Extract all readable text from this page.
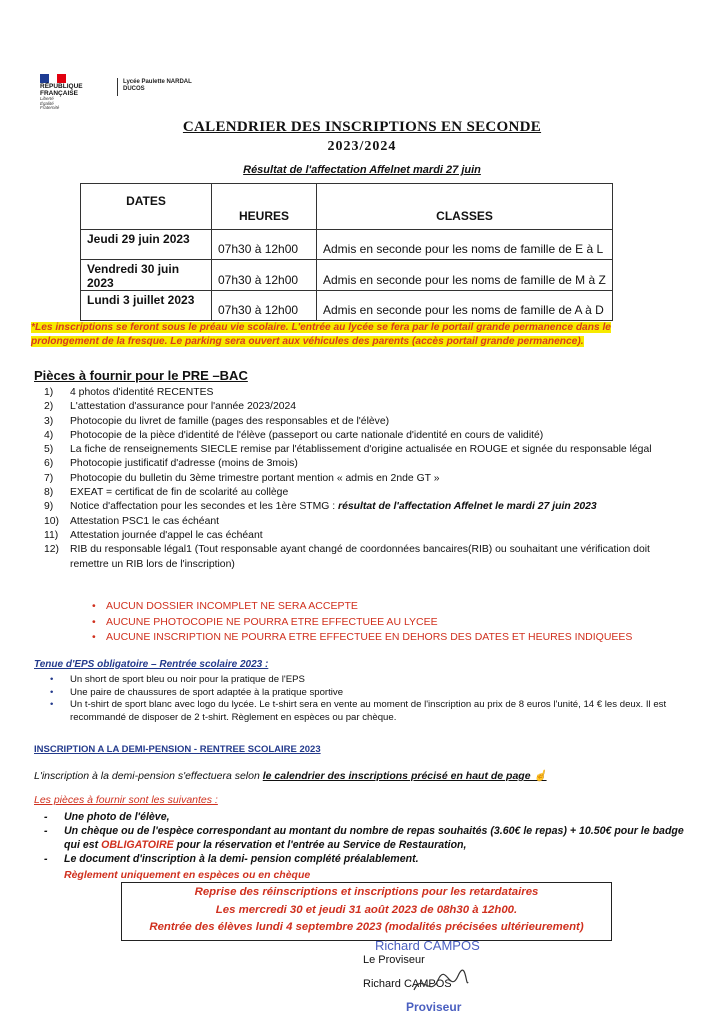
RÉPUBLIQUE
FRANÇAISE
Liberté
Égalité
Fraternité
Lycée Paulette NARDAL
DUCOS
CALENDRIER DES INSCRIPTIONS EN SECONDE
2023/2024
Résultat de l'affectation Affelnet mardi 27 juin
DATES	HEURES	CLASSES
Jeudi 29 juin 2023	07h30 à 12h00	Admis en seconde pour les noms de famille de E à L
Vendredi 30 juin 2023	07h30 à 12h00	Admis en seconde pour les noms de famille de M à Z
Lundi 3 juillet 2023	07h30 à 12h00	Admis en seconde pour les noms de famille de A à D
*Les inscriptions se feront sous le préau vie scolaire. L'entrée au lycée se fera par le portail grande permanence dans le
prolongement de la fresque. Le parking sera ouvert aux véhicules des parents (accès portail grande permanence).
Pièces à fournir pour le PRE –BAC
1)	4 photos d'identité RECENTES
2)	L'attestation d'assurance pour l'année 2023/2024
3)	Photocopie du livret de famille (pages des responsables et de l'élève)
4)	Photocopie de la pièce d'identité de l'élève (passeport ou carte nationale d'identité en cours de validité)
5)	La fiche de renseignements SIECLE remise par l'établissement d'origine actualisée en ROUGE et signée du responsable légal
6)	Photocopie justificatif d'adresse (moins de 3mois)
7)	Photocopie du bulletin du 3ème trimestre portant mention « admis en 2nde GT »
8)	EXEAT = certificat de fin de scolarité au collège
9)	Notice d'affectation pour les secondes et les 1ère STMG : résultat de l'affectation Affelnet le mardi 27 juin 2023
10)	Attestation PSC1 le cas échéant
11)	Attestation journée d'appel le cas échéant
12)	RIB du responsable légal1 (Tout responsable ayant changé de coordonnées bancaires(RIB) ou souhaitant une vérification doit remettre un RIB lors de l'inscription)
• AUCUN DOSSIER INCOMPLET NE SERA ACCEPTE
• AUCUNE PHOTOCOPIE NE POURRA ETRE EFFECTUEE AU LYCEE
• AUCUNE INSCRIPTION NE POURRA ETRE EFFECTUEE EN DEHORS DES DATES ET HEURES INDIQUEES
Tenue d'EPS obligatoire – Rentrée scolaire 2023 :
•	Un short de sport bleu ou noir pour la pratique de l'EPS
•	Une paire de chaussures de sport adaptée à la pratique sportive
•	Un t-shirt de sport blanc avec logo du lycée. Le t-shirt sera en vente au moment de l'inscription au prix de 8 euros l'unité, 14 € les deux. Il est recommandé de disposer de 2 t-shirt. Règlement en espèces ou par chèque.
INSCRIPTION A LA DEMI-PENSION - RENTREE SCOLAIRE 2023
L'inscription à la demi-pension s'effectuera selon le calendrier des inscriptions précisé en haut de page ☝
Les pièces à fournir sont les suivantes :
-	Une photo de l'élève,
-	Un chèque ou de l'espèce correspondant au montant du nombre de repas souhaités (3.60€ le repas) + 10.50€ pour le badge qui est OBLIGATOIRE pour la réservation et l'entrée au Service de Restauration,
-	Le document d'inscription à la demi- pension complété préalablement.
Règlement uniquement en espèces ou en chèque
Reprise des réinscriptions et inscriptions pour les retardataires
Les mercredi 30 et jeudi 31 août 2023 de 08h30 à 12h00.
Rentrée des élèves lundi 4 septembre 2023 (modalités précisées ultérieurement)
Richard CAMPOS
Le Proviseur
Richard CAMPOS
Proviseur
